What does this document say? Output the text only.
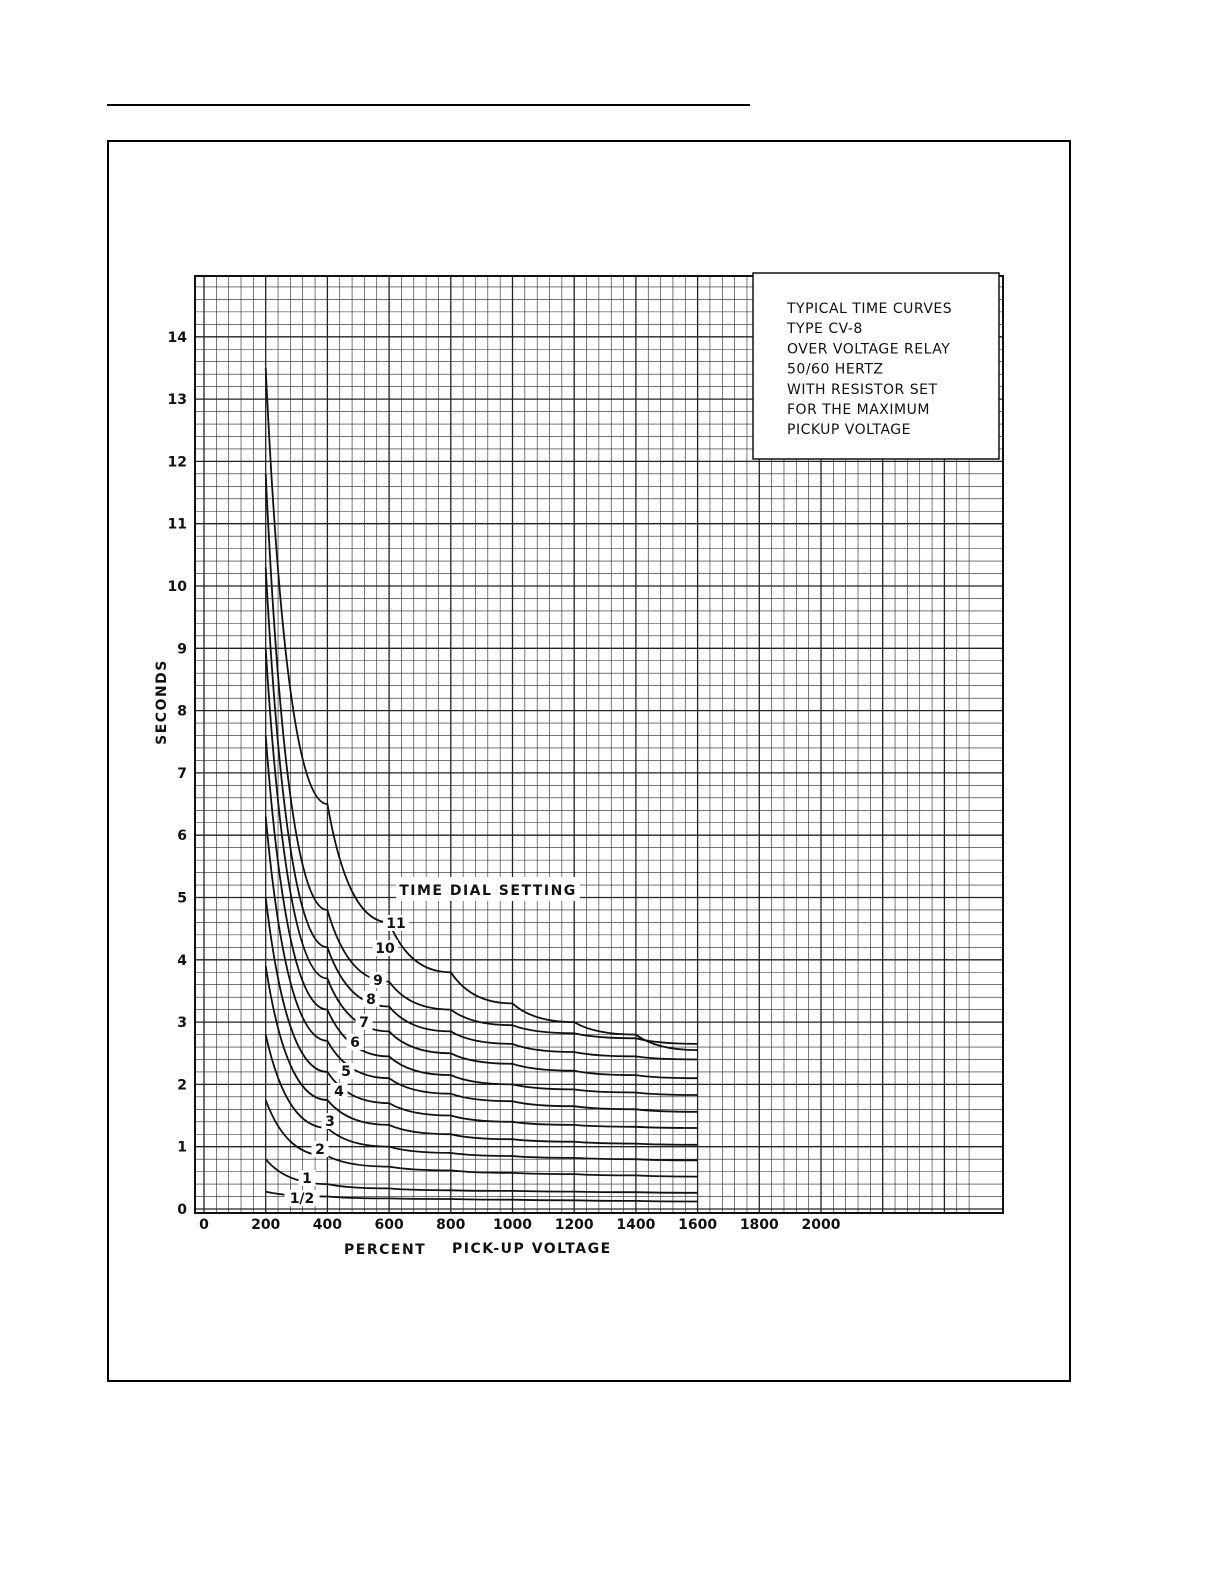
TYPICAL TIME CURVES
TYPE CV-8
OVER VOLTAGE RELAY
50/60 HERTZ
WITH RESISTOR SET
FOR THE MAXIMUM
PICKUP VOLTAGE
1/2
1
2
3
4
5
6
7
8
9
10
11
TIME DIAL SETTING
0	200 400 600 800 1000 1200 1400 1600 1800 2000
0
1
2
3
4
5
6
7
8
9
10
11
12
13
14
PERCENT PICK-UP VOLTAGE
SECONDS
